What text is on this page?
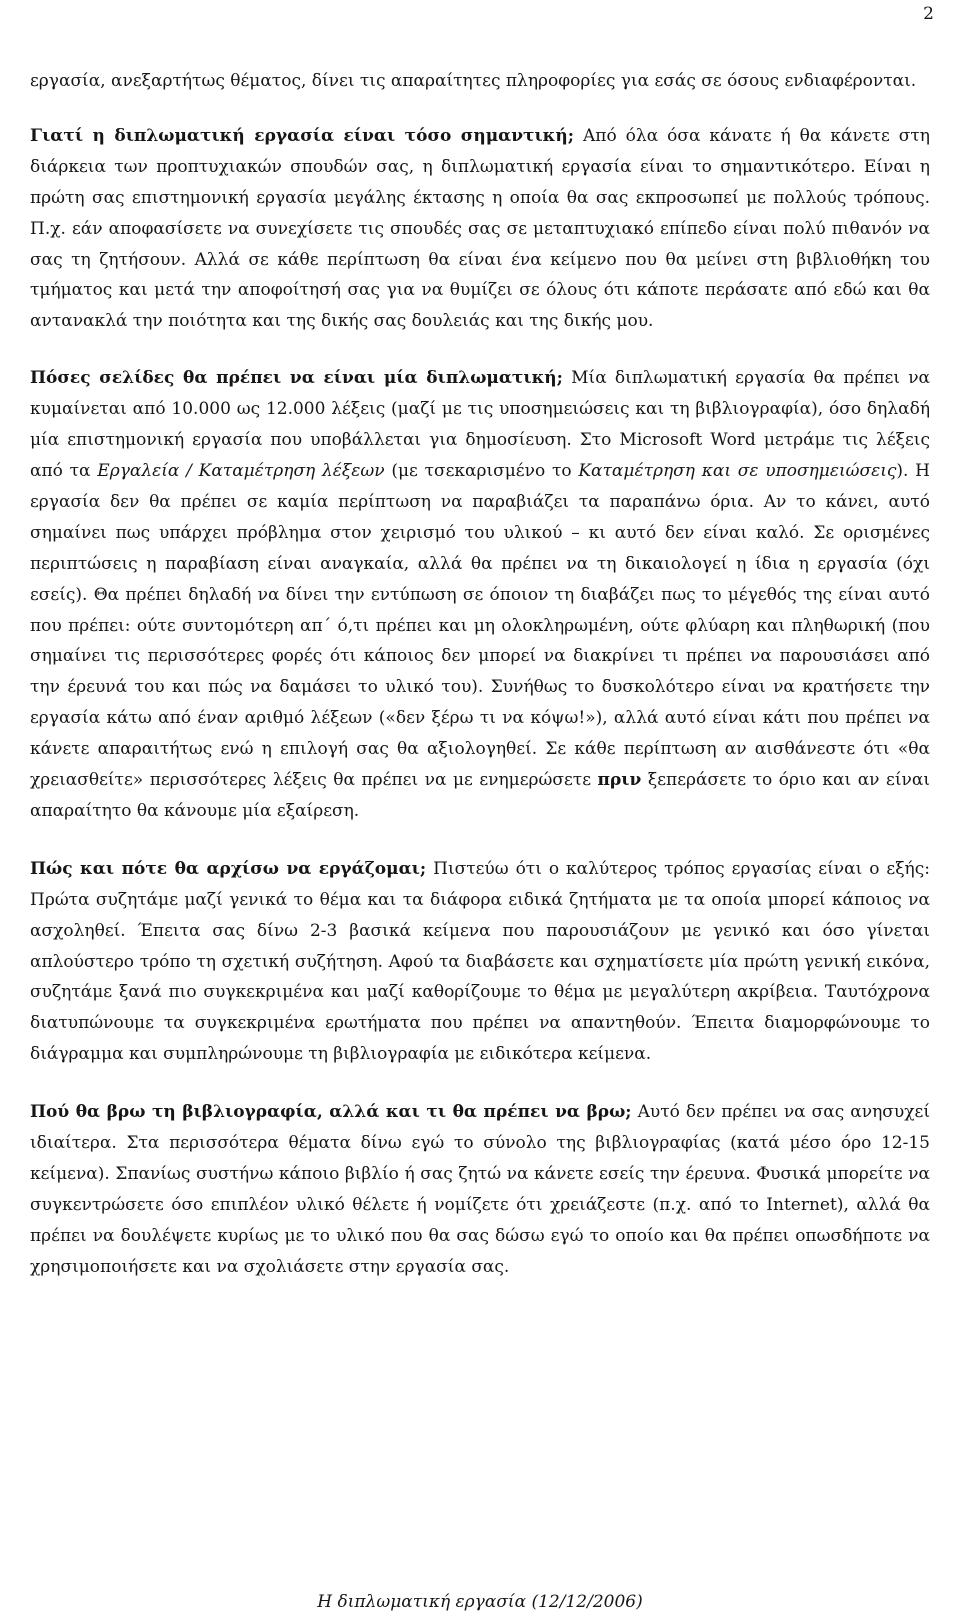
2

εργασία, ανεξαρτήτως θέματος, δίνει τις απαραίτητες πληροφορίες για εσάς σε όσους ενδιαφέρονται.

Γιατί η διπλωματική εργασία είναι τόσο σημαντική; Από όλα όσα κάνατε ή θα κάνετε στη διάρκεια των προπτυχιακών σπουδών σας, η διπλωματική εργασία είναι το σημαντικότερο. Είναι η πρώτη σας επιστημονική εργασία μεγάλης έκτασης η οποία θα σας εκπροσωπεί με πολλούς τρόπους. Π.χ. εάν αποφασίσετε να συνεχίσετε τις σπουδές σας σε μεταπτυχιακό επίπεδο είναι πολύ πιθανόν να σας τη ζητήσουν. Αλλά σε κάθε περίπτωση θα είναι ένα κείμενο που θα μείνει στη βιβλιοθήκη του τμήματος και μετά την αποφοίτησή σας για να θυμίζει σε όλους ότι κάποτε περάσατε από εδώ και θα αντανακλά την ποιότητα και της δικής σας δουλειάς και της δικής μου.

Πόσες σελίδες θα πρέπει να είναι μία διπλωματική; Μία διπλωματική εργασία θα πρέπει να κυμαίνεται από 10.000 ως 12.000 λέξεις (μαζί με τις υποσημειώσεις και τη βιβλιογραφία), όσο δηλαδή μία επιστημονική εργασία που υποβάλλεται για δημοσίευση. Στο Microsoft Word μετράμε τις λέξεις από τα Εργαλεία / Καταμέτρηση λέξεων (με τσεκαρισμένο το Καταμέτρηση και σε υποσημειώσεις). Η εργασία δεν θα πρέπει σε καμία περίπτωση να παραβιάζει τα παραπάνω όρια. Αν το κάνει, αυτό σημαίνει πως υπάρχει πρόβλημα στον χειρισμό του υλικού – κι αυτό δεν είναι καλό. Σε ορισμένες περιπτώσεις η παραβίαση είναι αναγκαία, αλλά θα πρέπει να τη δικαιολογεί η ίδια η εργασία (όχι εσείς). Θα πρέπει δηλαδή να δίνει την εντύπωση σε όποιον τη διαβάζει πως το μέγεθός της είναι αυτό που πρέπει: ούτε συντομότερη απ΄ ό,τι πρέπει και μη ολοκληρωμένη, ούτε φλύαρη και πληθωρική (που σημαίνει τις περισσότερες φορές ότι κάποιος δεν μπορεί να διακρίνει τι πρέπει να παρουσιάσει από την έρευνά του και πώς να δαμάσει το υλικό του). Συνήθως το δυσκολότερο είναι να κρατήσετε την εργασία κάτω από έναν αριθμό λέξεων («δεν ξέρω τι να κόψω!»), αλλά αυτό είναι κάτι που πρέπει να κάνετε απαραιτήτως ενώ η επιλογή σας θα αξιολογηθεί. Σε κάθε περίπτωση αν αισθάνεστε ότι «θα χρειασθείτε» περισσότερες λέξεις θα πρέπει να με ενημερώσετε πριν ξεπεράσετε το όριο και αν είναι απαραίτητο θα κάνουμε μία εξαίρεση.

Πώς και πότε θα αρχίσω να εργάζομαι; Πιστεύω ότι ο καλύτερος τρόπος εργασίας είναι ο εξής: Πρώτα συζητάμε μαζί γενικά το θέμα και τα διάφορα ειδικά ζητήματα με τα οποία μπορεί κάποιος να ασχοληθεί. Έπειτα σας δίνω 2-3 βασικά κείμενα που παρουσιάζουν με γενικό και όσο γίνεται απλούστερο τρόπο τη σχετική συζήτηση. Αφού τα διαβάσετε και σχηματίσετε μία πρώτη γενική εικόνα, συζητάμε ξανά πιο συγκεκριμένα και μαζί καθορίζουμε το θέμα με μεγαλύτερη ακρίβεια. Ταυτόχρονα διατυπώνουμε τα συγκεκριμένα ερωτήματα που πρέπει να απαντηθούν. Έπειτα διαμορφώνουμε το διάγραμμα και συμπληρώνουμε τη βιβλιογραφία με ειδικότερα κείμενα.

Πού θα βρω τη βιβλιογραφία, αλλά και τι θα πρέπει να βρω; Αυτό δεν πρέπει να σας ανησυχεί ιδιαίτερα. Στα περισσότερα θέματα δίνω εγώ το σύνολο της βιβλιογραφίας (κατά μέσο όρο 12-15 κείμενα). Σπανίως συστήνω κάποιο βιβλίο ή σας ζητώ να κάνετε εσείς την έρευνα. Φυσικά μπορείτε να συγκεντρώσετε όσο επιπλέον υλικό θέλετε ή νομίζετε ότι χρειάζεστε (π.χ. από το Internet), αλλά θα πρέπει να δουλέψετε κυρίως με το υλικό που θα σας δώσω εγώ το οποίο και θα πρέπει οπωσδήποτε να χρησιμοποιήσετε και να σχολιάσετε στην εργασία σας.

Η διπλωματική εργασία (12/12/2006)
